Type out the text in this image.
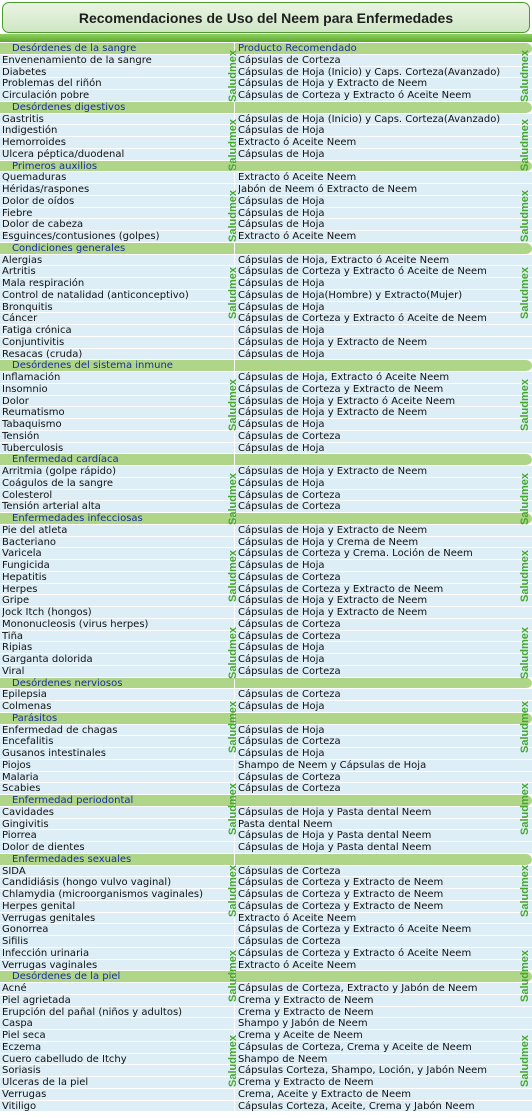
Recomendaciones de Uso del Neem para Enfermedades
Desórdenes de la sangre	Producto Recomendado
Envenenamiento de la sangre	Cápsulas de Corteza
Diabetes	Cápsulas de Hoja (Inicio) y Caps. Corteza(Avanzado)
Problemas del riñón	Cápsulas de Hoja y Extracto de Neem
Circulación pobre	Cápsulas de Corteza y Extracto ó Aceite Neem
Desórdenes digestivos
Gastritis	Cápsulas de Hoja (Inicio) y Caps. Corteza(Avanzado)
Indigestión	Cápsulas de Hoja
Hemorroides	Extracto ó Aceite Neem
Ulcera péptica/duodenal	Cápsulas de Hoja
Primeros auxilios
Quemaduras	Extracto ó Aceite Neem
Héridas/raspones	Jabón de Neem ó Extracto de Neem
Dolor de oídos	Cápsulas de Hoja
Fiebre	Cápsulas de Hoja
Dolor de cabeza	Cápsulas de Hoja
Esguinces/contusiones (golpes)	Extracto ó Aceite Neem
Condiciones generales
Alergias	Cápsulas de Hoja, Extracto ó Aceite Neem
Artritis	Cápsulas de Corteza y Extracto ó Aceite de Neem
Mala respiración	Cápsulas de Hoja
Control de natalidad (anticonceptivo)	Cápsulas de Hoja(Hombre) y Extracto(Mujer)
Bronquitis	Cápsulas de Hoja
Cáncer	Cápsulas de Corteza y Extracto ó Aceite de Neem
Fatiga crónica	Cápsulas de Hoja
Conjuntivitis	Cápsulas de Hoja y Extracto de Neem
Resacas (cruda)	Cápsulas de Hoja
Desórdenes del sistema inmune
Inflamación	Cápsulas de Hoja, Extracto ó Aceite Neem
Insomnio	Cápsulas de Corteza y Extracto de Neem
Dolor	Cápsulas de Hoja y Extracto ó Aceite Neem
Reumatismo	Cápsulas de Hoja y Extracto de Neem
Tabaquismo	Cápsulas de Hoja
Tensión	Cápsulas de Corteza
Tuberculosis	Cápsulas de Hoja
Enfermedad cardíaca
Arritmia (golpe rápido)	Cápsulas de Hoja y Extracto de Neem
Coágulos de la sangre	Cápsulas de Hoja
Colesterol	Cápsulas de Corteza
Tensión arterial alta	Cápsulas de Corteza
Enfermedades infecciosas
Pie del atleta	Cápsulas de Hoja y Extracto de Neem
Bacteriano	Cápsulas de Hoja y Crema de Neem
Varicela	Cápsulas de Corteza y Crema. Loción de Neem
Fungicida	Cápsulas de Hoja
Hepatitis	Cápsulas de Corteza
Herpes	Cápsulas de Corteza y Extracto de Neem
Gripe	Cápsulas de Hoja y Extracto de Neem
Jock Itch (hongos)	Cápsulas de Hoja y Extracto de Neem
Mononucleosis (virus herpes)	Cápsulas de Corteza
Tiña	Cápsulas de Corteza
Ripias	Cápsulas de Hoja
Garganta dolorida	Cápsulas de Hoja
Viral	Cápsulas de Corteza
Desórdenes nerviosos
Epilepsia	Cápsulas de Corteza
Colmenas	Cápsulas de Hoja
Parásitos
Enfermedad de chagas	Cápsulas de Hoja
Encefalitis	Cápsulas de Corteza
Gusanos intestinales	Cápsulas de Hoja
Piojos	Shampo de Neem y Cápsulas de Hoja
Malaria	Cápsulas de Corteza
Scabies	Cápsulas de Corteza
Enfermedad periodontal
Cavidades	Cápsulas de Hoja y Pasta dental Neem
Gingivitis	Pasta dental Neem
Piorrea	Cápsulas de Hoja y Pasta dental Neem
Dolor de dientes	Cápsulas de Hoja y Pasta dental Neem
Enfermedades sexuales
SIDA	Cápsulas de Corteza
Candidiásis (hongo vulvo vaginal)	Cápsulas de Corteza y Extracto de Neem
Chlamydia (microorganismos vaginales)	Cápsulas de Corteza y Extracto de Neem
Herpes genital	Cápsulas de Corteza y Extracto de Neem
Verrugas genitales	Extracto ó Aceite Neem
Gonorrea	Cápsulas de Corteza y Extracto ó Aceite Neem
Sifilis	Cápsulas de Corteza
Infección urinaria	Cápsulas de Corteza y Extracto ó Aceite Neem
Verrugas vaginales	Extracto ó Aceite Neem
Desórdenes de la piel
Acné	Cápsulas de Corteza, Extracto y Jabón de Neem
Piel agrietada	Crema y Extracto de Neem
Erupción del pañal (niños y adultos)	Crema y Extracto de Neem
Caspa	Shampo y Jabón de Neem
Piel seca	Crema y Aceite de Neem
Eczema	Cápsulas de Corteza, Crema y Aceite de Neem
Cuero cabelludo de Itchy	Shampo de Neem
Soriasis	Cápsulas Corteza, Shampo, Loción, y Jabón Neem
Ulceras de la piel	Crema y Extracto de Neem
Verrugas	Crema, Aceite y Extracto de Neem
Vitiligo	Cápsulas Corteza, Aceite, Crema y Jabón Neem
Saludmex	Saludmex
Saludmex	Saludmex
Saludmex	Saludmex
Saludmex	Saludmex
Saludmex	Saludmex
Saludmex	Saludmex
Saludmex	Saludmex
Saludmex	Saludmex
Saludmex	Saludmex
Saludmex	Saludmex
Saludmex	Saludmex
Saludmex	Saludmex
Saludmex	Saludmex
